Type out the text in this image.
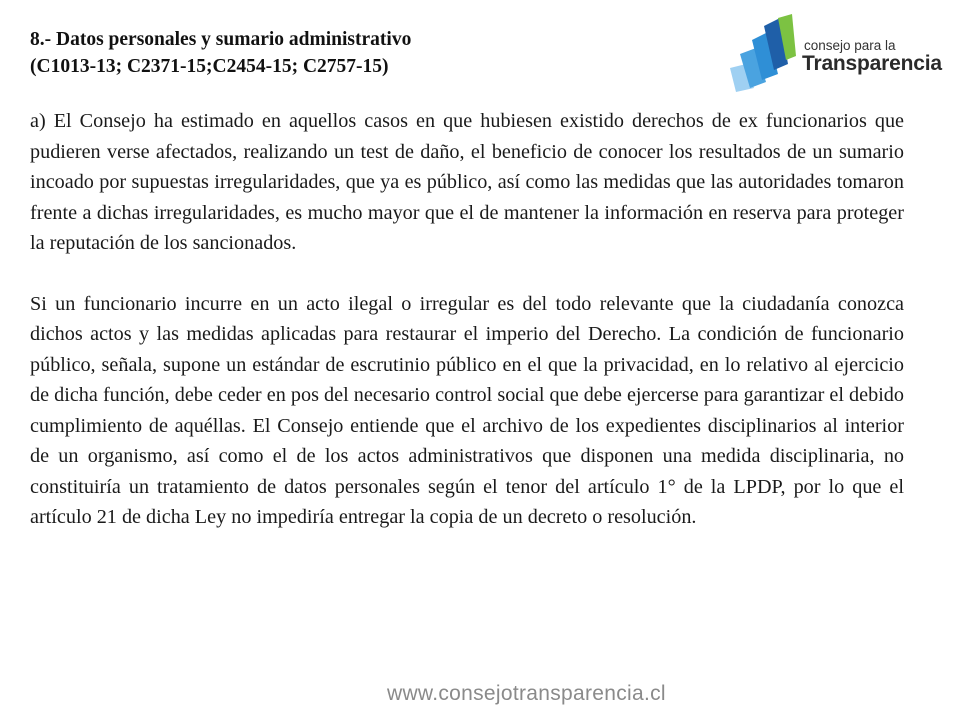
8.- Datos personales y sumario administrativo
(C1013-13; C2371-15;C2454-15; C2757-15)
consejo para la
Transparencia

a) El Consejo ha estimado en aquellos casos en que hubiesen existido derechos de ex funcionarios que pudieren verse afectados, realizando un test de daño, el beneficio de conocer los resultados de un sumario incoado por supuestas irregularidades, que ya es público, así como las medidas que las autoridades tomaron frente a dichas irregularidades, es mucho mayor que el de mantener la información en reserva para proteger la reputación de los sancionados.

Si un funcionario incurre en un acto ilegal o irregular es del todo relevante que la ciudadanía conozca dichos actos y las medidas aplicadas para restaurar el imperio del Derecho. La condición de funcionario público, señala, supone un estándar de escrutinio público en el que la privacidad, en lo relativo al ejercicio de dicha función, debe ceder en pos del necesario control social que debe ejercerse para garantizar el debido cumplimiento de aquéllas. El Consejo entiende que el archivo de los expedientes disciplinarios al interior de un organismo, así como el de los actos administrativos que disponen una medida disciplinaria, no constituiría un tratamiento de datos personales según el tenor del artículo 1° de la LPDP, por lo que el artículo 21 de dicha Ley no impediría entregar la copia de un decreto o resolución.

www.consejotransparencia.cl
